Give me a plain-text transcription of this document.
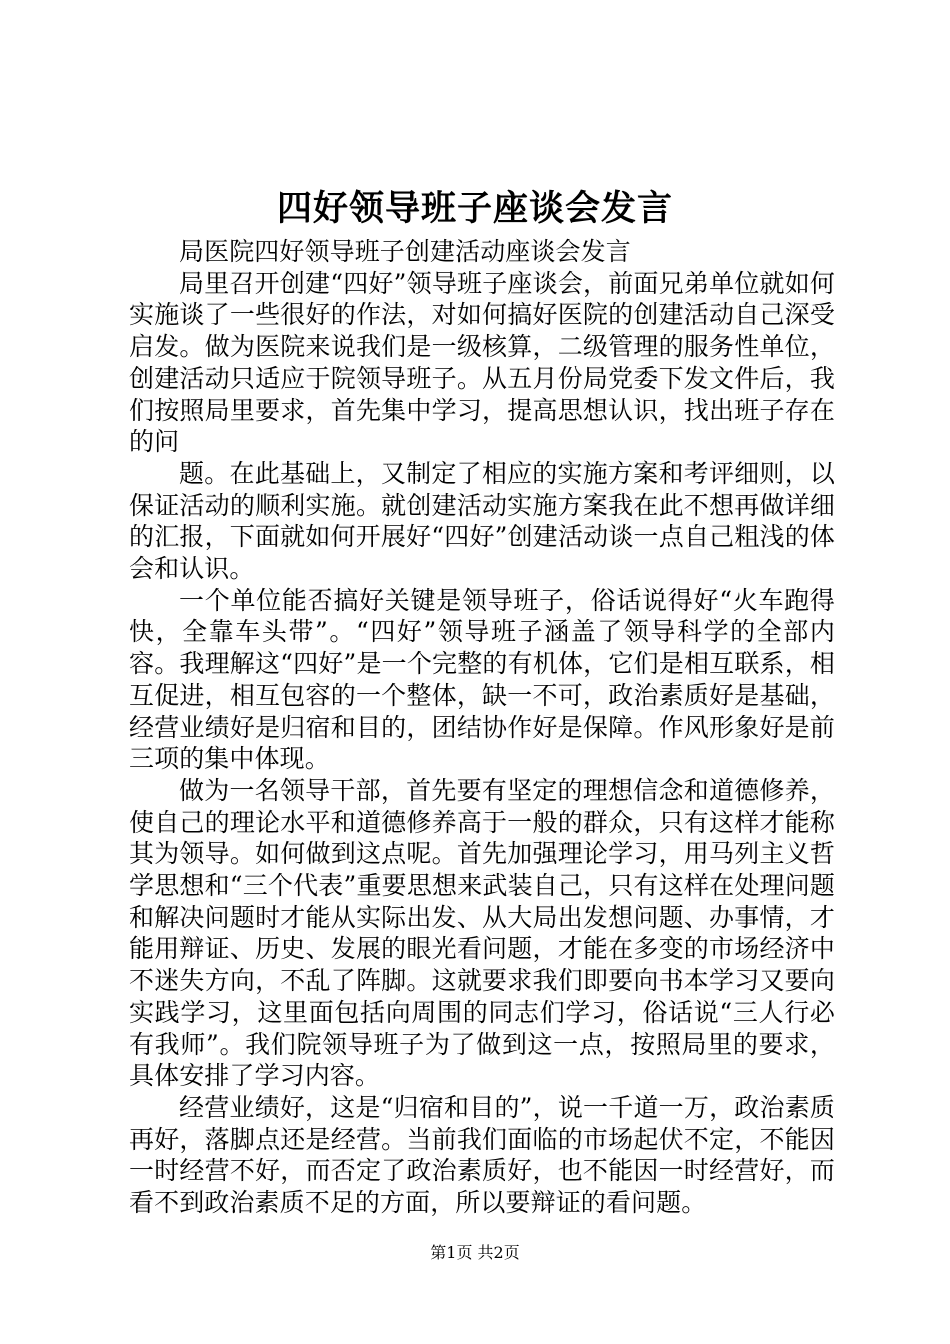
四好领导班子座谈会发言

局医院四好领导班子创建活动座谈会发言

局里召开创建“四好”领导班子座谈会，前面兄弟单位就如何实施谈了一些很好的作法，对如何搞好医院的创建活动自己深受启发。做为医院来说我们是一级核算，二级管理的服务性单位，创建活动只适应于院领导班子。从五月份局党委下发文件后，我们按照局里要求，首先集中学习，提高思想认识，找出班子存在的问

题。在此基础上，又制定了相应的实施方案和考评细则，以保证活动的顺利实施。就创建活动实施方案我在此不想再做详细的汇报，下面就如何开展好“四好”创建活动谈一点自己粗浅的体会和认识。

一个单位能否搞好关键是领导班子，俗话说得好“火车跑得快，全靠车头带”。“四好”领导班子涵盖了领导科学的全部内容。我理解这“四好”是一个完整的有机体，它们是相互联系，相互促进，相互包容的一个整体，缺一不可，政治素质好是基础，经营业绩好是归宿和目的，团结协作好是保障。作风形象好是前三项的集中体现。

做为一名领导干部，首先要有坚定的理想信念和道德修养，使自己的理论水平和道德修养高于一般的群众，只有这样才能称其为领导。如何做到这点呢。首先加强理论学习，用马列主义哲学思想和“三个代表”重要思想来武装自己，只有这样在处理问题和解决问题时才能从实际出发、从大局出发想问题、办事情，才能用辩证、历史、发展的眼光看问题，才能在多变的市场经济中不迷失方向，不乱了阵脚。这就要求我们即要向书本学习又要向实践学习，这里面包括向周围的同志们学习，俗话说“三人行必有我师”。我们院领导班子为了做到这一点，按照局里的要求，具体安排了学习内容。

经营业绩好，这是“归宿和目的”，说一千道一万，政治素质再好，落脚点还是经营。当前我们面临的市场起伏不定，不能因一时经营不好，而否定了政治素质好，也不能因一时经营好，而看不到政治素质不足的方面，所以要辩证的看问题。

第1页 共2页
